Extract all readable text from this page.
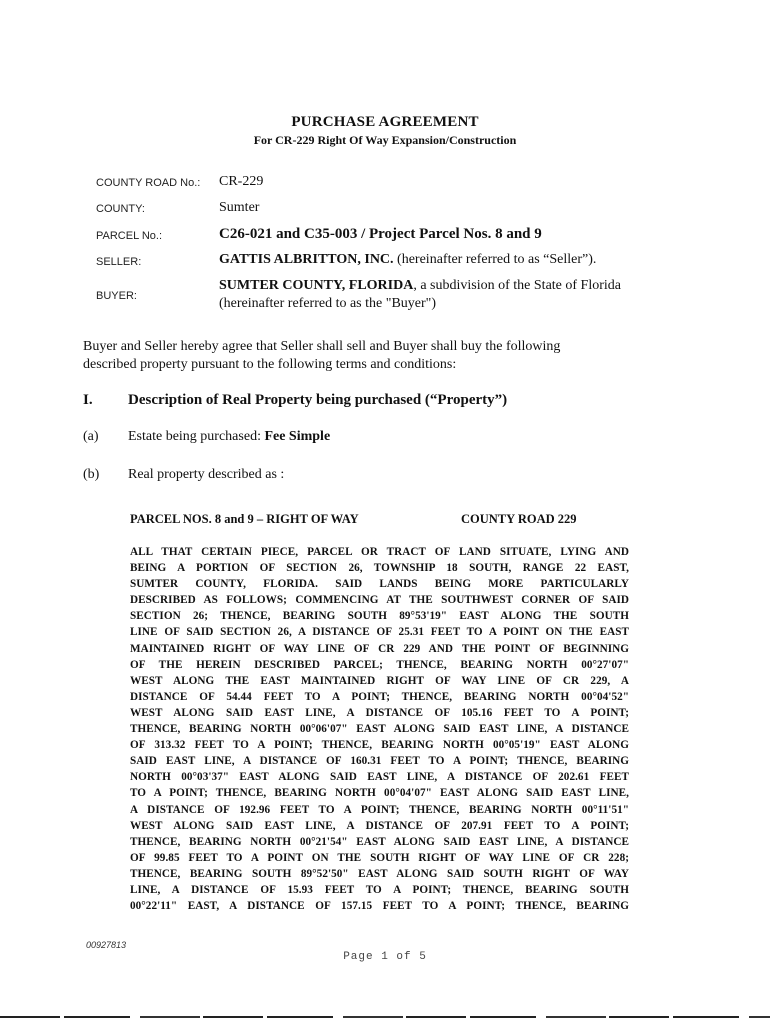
PURCHASE AGREEMENT
For CR-229 Right Of Way Expansion/Construction
COUNTY ROAD No.: CR-229
COUNTY:	Sumter
PARCEL No.:	C26-021 and C35-003 / Project Parcel Nos. 8 and 9
SELLER:	GATTIS ALBRITTON, INC. (hereinafter referred to as “Seller”).
BUYER:
SUMTER COUNTY, FLORIDA, a subdivision of the State of Florida
(hereinafter referred to as the "Buyer")
Buyer and Seller hereby agree that Seller shall sell and Buyer shall buy the following
described property pursuant to the following terms and conditions:
I. Description of Real Property being purchased (“Property”)
(a) Estate being purchased: Fee Simple
(b) Real property described as :
PARCEL NOS. 8 and 9 – RIGHT OF WAY	COUNTY ROAD 229
ALL THAT CERTAIN PIECE, PARCEL OR TRACT OF LAND SITUATE, LYING AND
BEING A PORTION OF SECTION 26, TOWNSHIP 18 SOUTH, RANGE 22 EAST,
SUMTER COUNTY, FLORIDA. SAID LANDS BEING MORE PARTICULARLY
DESCRIBED AS FOLLOWS; COMMENCING AT THE SOUTHWEST CORNER OF SAID
SECTION 26; THENCE, BEARING SOUTH 89°53'19" EAST ALONG THE SOUTH
LINE OF SAID SECTION 26, A DISTANCE OF 25.31 FEET TO A POINT ON THE EAST
MAINTAINED RIGHT OF WAY LINE OF CR 229 AND THE POINT OF BEGINNING
OF THE HEREIN DESCRIBED PARCEL; THENCE, BEARING NORTH 00°27'07"
WEST ALONG THE EAST MAINTAINED RIGHT OF WAY LINE OF CR 229, A
DISTANCE OF 54.44 FEET TO A POINT; THENCE, BEARING NORTH 00°04'52"
WEST ALONG SAID EAST LINE, A DISTANCE OF 105.16 FEET TO A POINT;
THENCE, BEARING NORTH 00°06'07" EAST ALONG SAID EAST LINE, A DISTANCE
OF 313.32 FEET TO A POINT; THENCE, BEARING NORTH 00°05'19" EAST ALONG
SAID EAST LINE, A DISTANCE OF 160.31 FEET TO A POINT; THENCE, BEARING
NORTH 00°03'37" EAST ALONG SAID EAST LINE, A DISTANCE OF 202.61 FEET
TO A POINT; THENCE, BEARING NORTH 00°04'07" EAST ALONG SAID EAST LINE,
A DISTANCE OF 192.96 FEET TO A POINT; THENCE, BEARING NORTH 00°11'51"
WEST ALONG SAID EAST LINE, A DISTANCE OF 207.91 FEET TO A POINT;
THENCE, BEARING NORTH 00°21'54" EAST ALONG SAID EAST LINE, A DISTANCE
OF 99.85 FEET TO A POINT ON THE SOUTH RIGHT OF WAY LINE OF CR 228;
THENCE, BEARING SOUTH 89°52'50" EAST ALONG SAID SOUTH RIGHT OF WAY
LINE, A DISTANCE OF 15.93 FEET TO A POINT; THENCE, BEARING SOUTH
00°22'11" EAST, A DISTANCE OF 157.15 FEET TO A POINT; THENCE, BEARING
00927813
Page 1 of 5
